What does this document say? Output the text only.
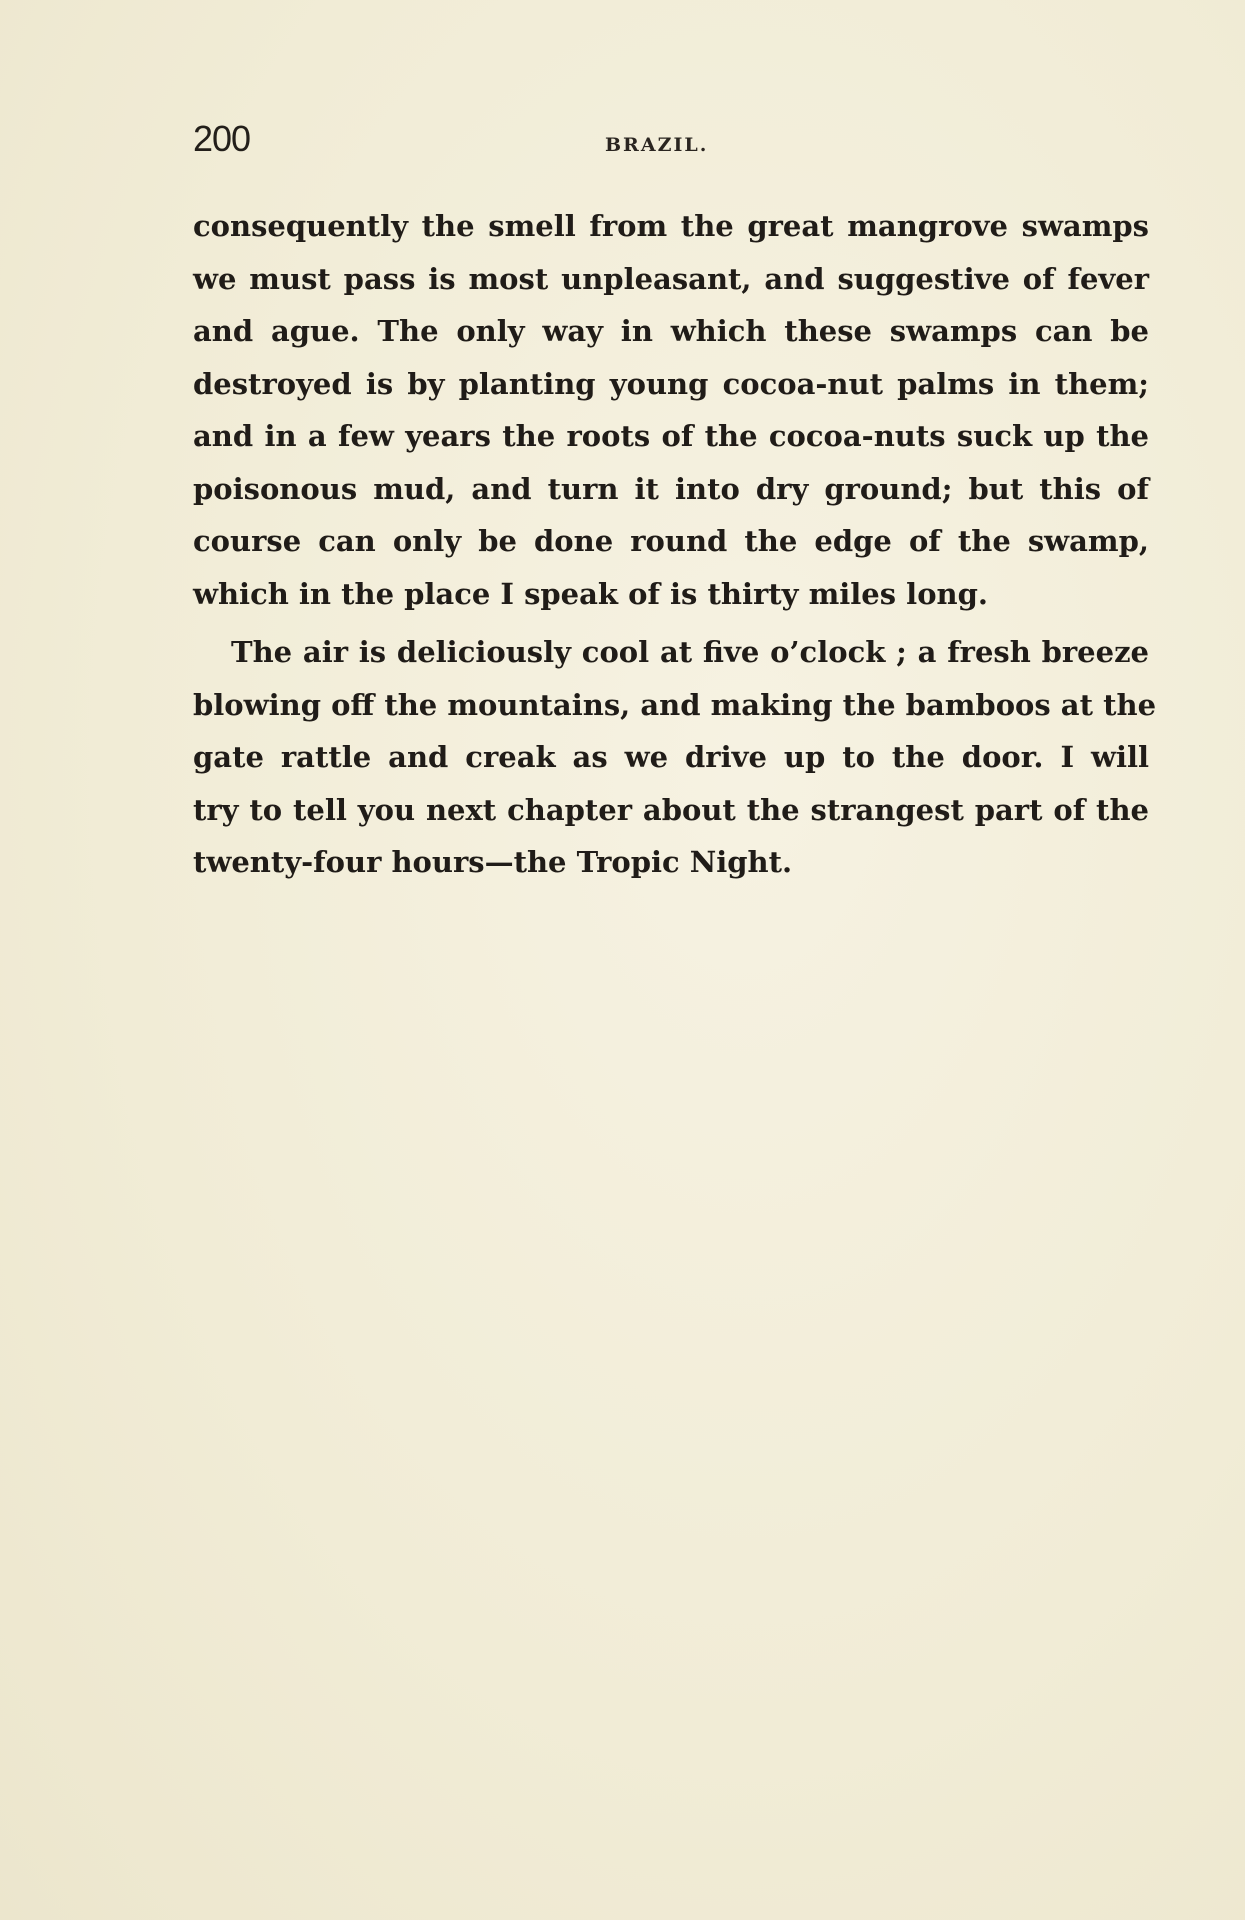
200	BRAZIL.
consequently the smell from the great mangrove swamps
we must pass is most unpleasant, and suggestive of fever
and ague. The only way in which these swamps can be
destroyed is by planting young cocoa-nut palms in them;
and in a few years the roots of the cocoa-nuts suck up the
poisonous mud, and turn it into dry ground; but this of
course can only be done round the edge of the swamp,
which in the place I speak of is thirty miles long.
The air is deliciously cool at five o’clock ; a fresh breeze
blowing off the mountains, and making the bamboos at the
gate rattle and creak as we drive up to the door. I will
try to tell you next chapter about the strangest part of the
twenty-four hours—the Tropic Night.
